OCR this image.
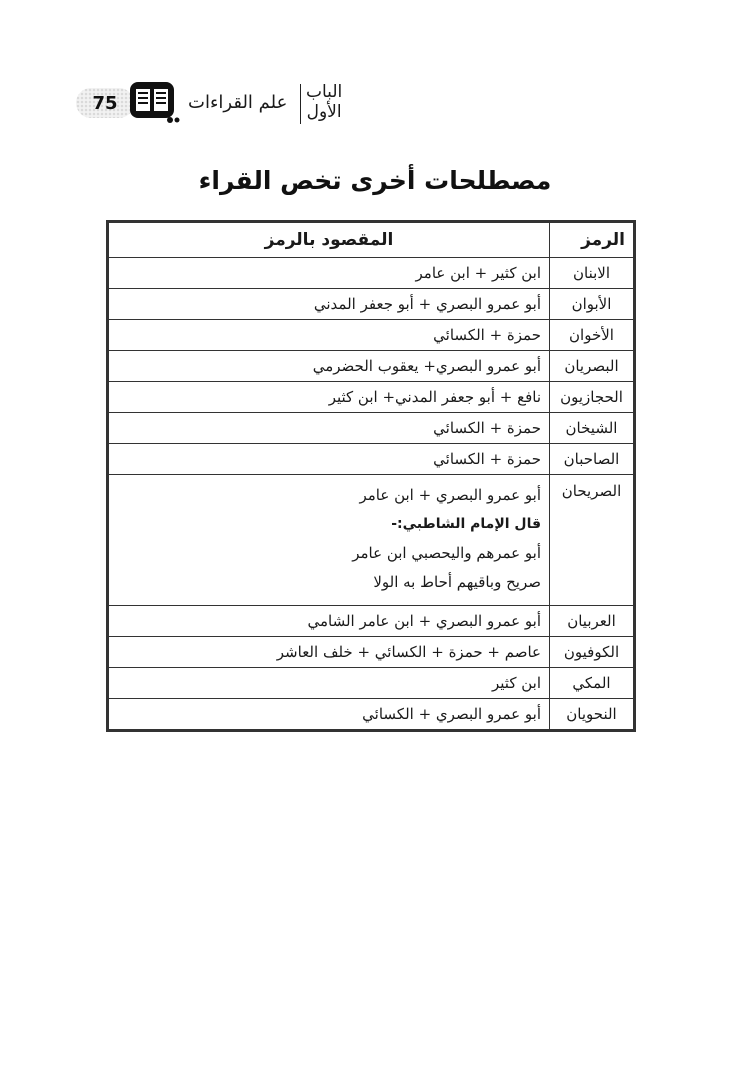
75	علم القراءات الباب
الأول
مصطلحات أخرى تخص القراء
الرمز	المقصود بالرمز
الابنان	ابن كثير + ابن عامر
الأبوان	أبو عمرو البصري + أبو جعفر المدني
الأخوان	حمزة + الكسائي
البصريان	أبو عمرو البصري+ يعقوب الحضرمي
الحجازيون	نافع + أبو جعفر المدني+ ابن كثير
الشيخان	حمزة + الكسائي
الصاحبان	حمزة + الكسائي
الصريحان	أبو عمرو البصري + ابن عامر
قال الإمام الشاطبي:-
أبو عمرهم واليحصبي ابن عامر
صريح وباقيهم أحاط به الولا

العربيان	أبو عمرو البصري + ابن عامر الشامي
الكوفيون	عاصم + حمزة + الكسائي + خلف العاشر
المكي	ابن كثير
النحويان	أبو عمرو البصري + الكسائي
